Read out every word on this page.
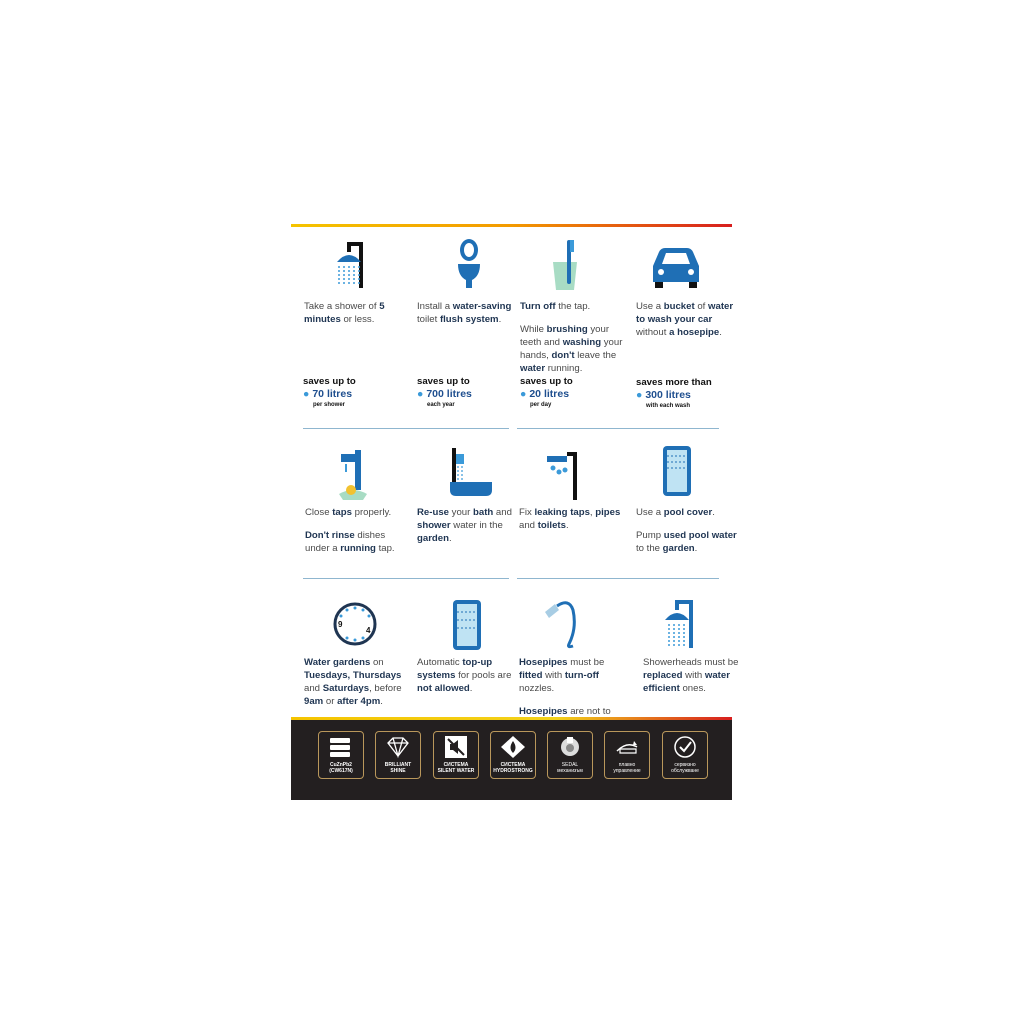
Take a shower of 5 minutes or less.
Install a water-saving toilet flush system.

Turn off the tap.

While brushing your teeth and washing your hands, don't leave the water running.

Use a bucket of water to wash your car without a hosepipe.
saves up to
● 70 litres
per shower
saves up to
● 700 litres
each year
saves up to
● 20 litres
per day
saves more than
● 300 litres
with each wash

Close taps properly.

Don't rinse dishes under a running tap.

Re-use your bath and shower water in the garden.
Fix leaking taps, pipes and toilets.

Use a pool cover.

Pump used pool water to the garden.

9
4
Water gardens on Tuesdays, Thursdays and Saturdays, before 9am or after 4pm.
Automatic top-up systems for pools are not allowed.

Hosepipes must be fitted with turn-off nozzles.

Hosepipes are not to

Showerheads must be replaced with water efficient ones.
CuZnPb2
(CW617N)
BRILLIANT
SHINE
СИСТЕМА
SILENT WATER
СИСТЕМА
HYDROSTRONG
SEDAL
механизъм
плавно
управление
сервизно
обслужване
